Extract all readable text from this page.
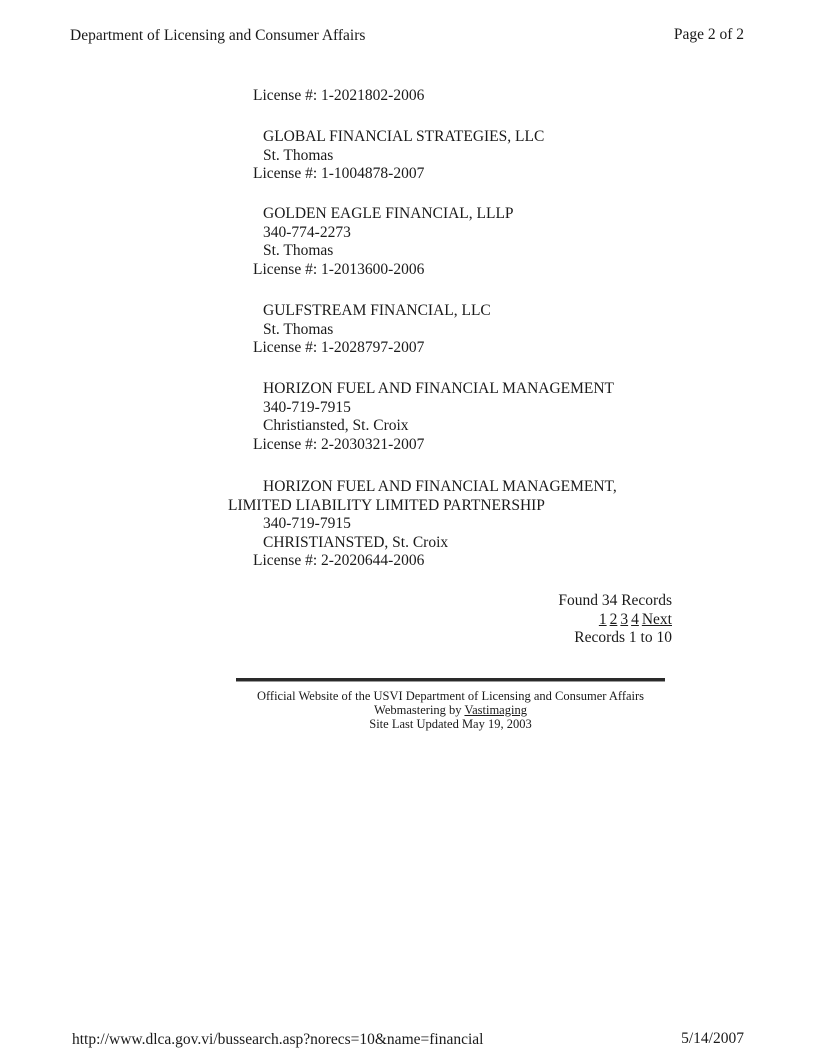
Department of Licensing and Consumer Affairs	Page 2 of 2
License #: 1-2021802-2006
GLOBAL FINANCIAL STRATEGIES, LLC
St. Thomas
License #: 1-1004878-2007
GOLDEN EAGLE FINANCIAL, LLLP
340-774-2273
St. Thomas
License #: 1-2013600-2006
GULFSTREAM FINANCIAL, LLC
St. Thomas
License #: 1-2028797-2007
HORIZON FUEL AND FINANCIAL MANAGEMENT
340-719-7915
Christiansted, St. Croix
License #: 2-2030321-2007
HORIZON FUEL AND FINANCIAL MANAGEMENT,
LIMITED LIABILITY LIMITED PARTNERSHIP
340-719-7915
CHRISTIANSTED, St. Croix
License #: 2-2020644-2006
Found 34 Records
1 2 3 4 Next
Records 1 to 10
Official Website of the USVI Department of Licensing and Consumer Affairs
Webmastering by Vastimaging
Site Last Updated May 19, 2003
http://www.dlca.gov.vi/bussearch.asp?norecs=10&name=financial	5/14/2007
